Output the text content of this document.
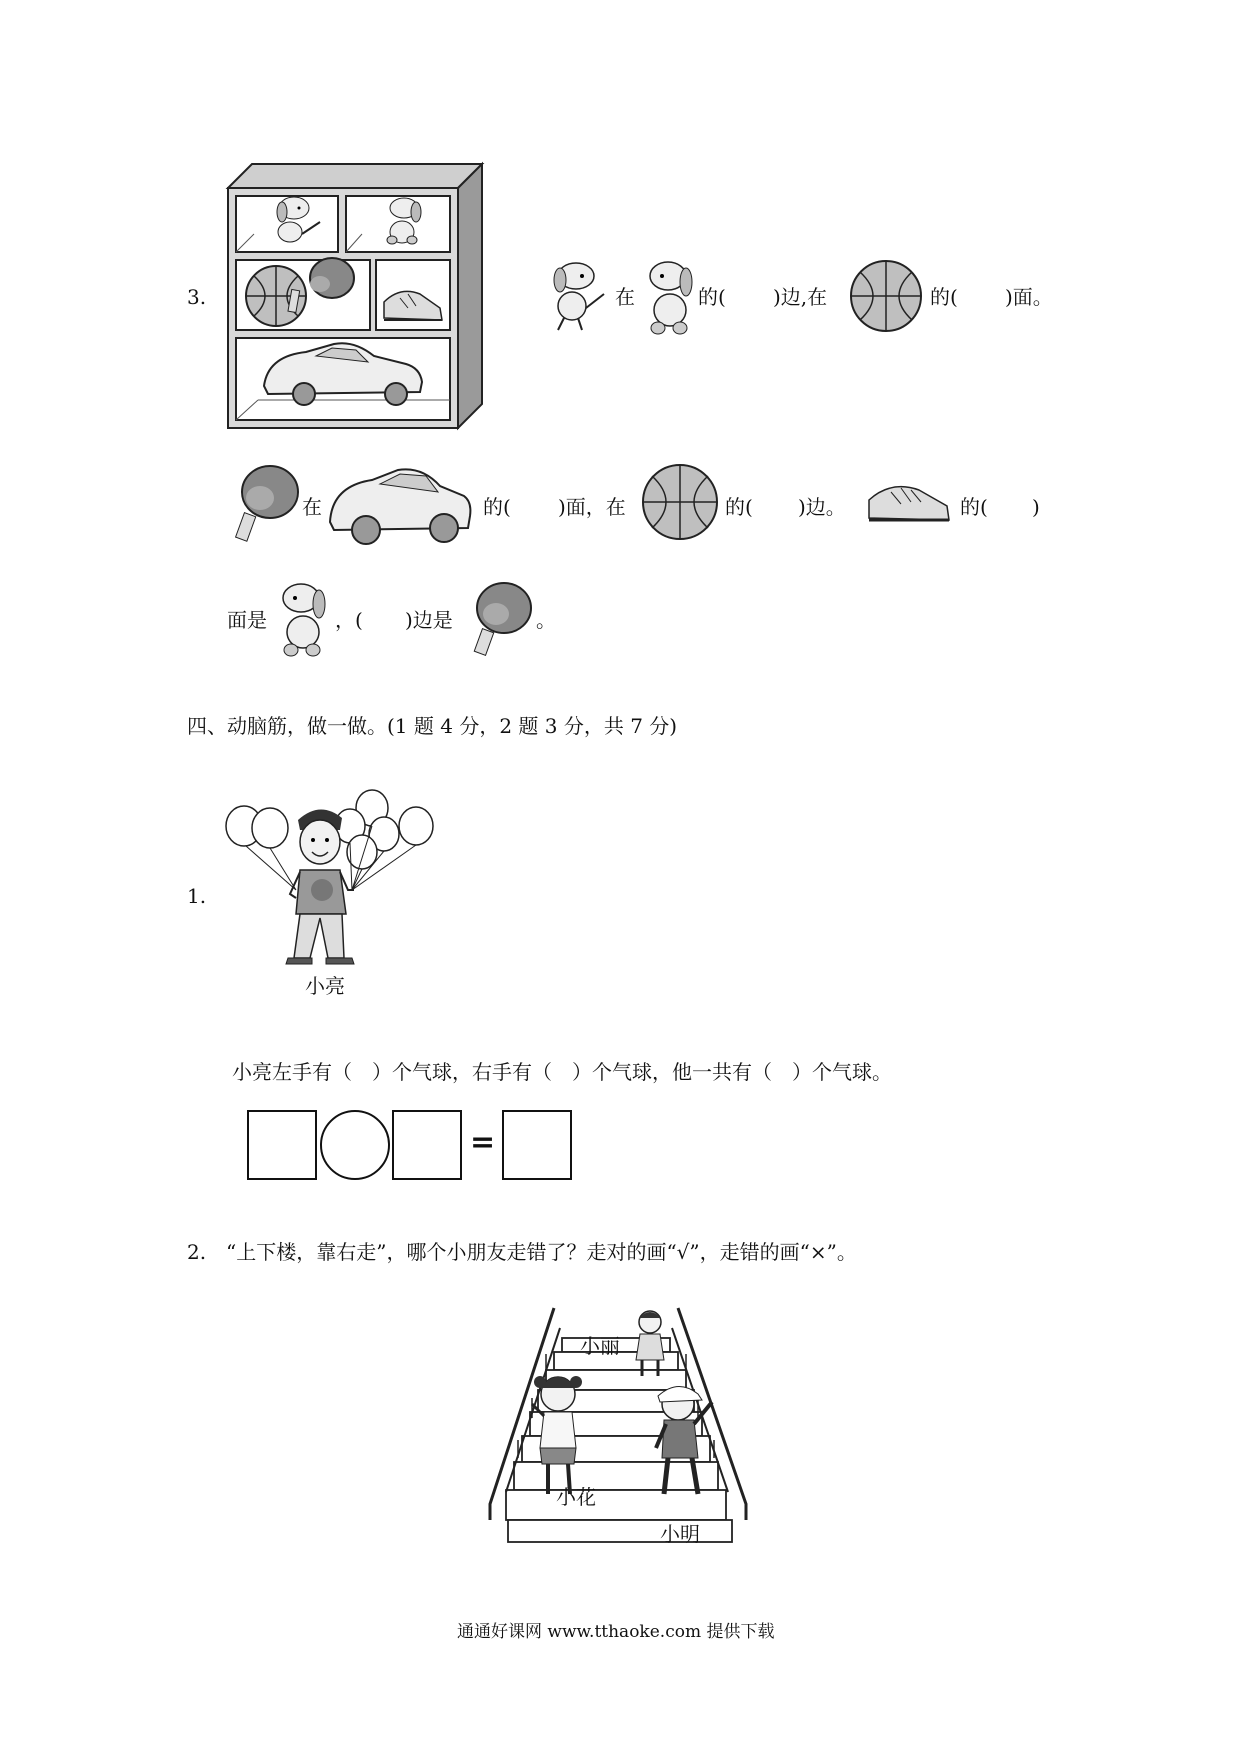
3.	在	的( )边,在	的( )面。
在	的( )面，在	的( )边。	的( )
面是	，( )边是	。
四、动脑筋，做一做。(1 题 4 分，2 题 3 分，共 7 分)
1.
小亮
小亮左手有（　）个气球，右手有（　）个气球，他一共有（　）个气球。
=
2. “上下楼，靠右走”，哪个小朋友走错了？走对的画“√”，走错的画“×”。
小丽
小花
小明
通通好课网 www.tthaoke.com 提供下载
